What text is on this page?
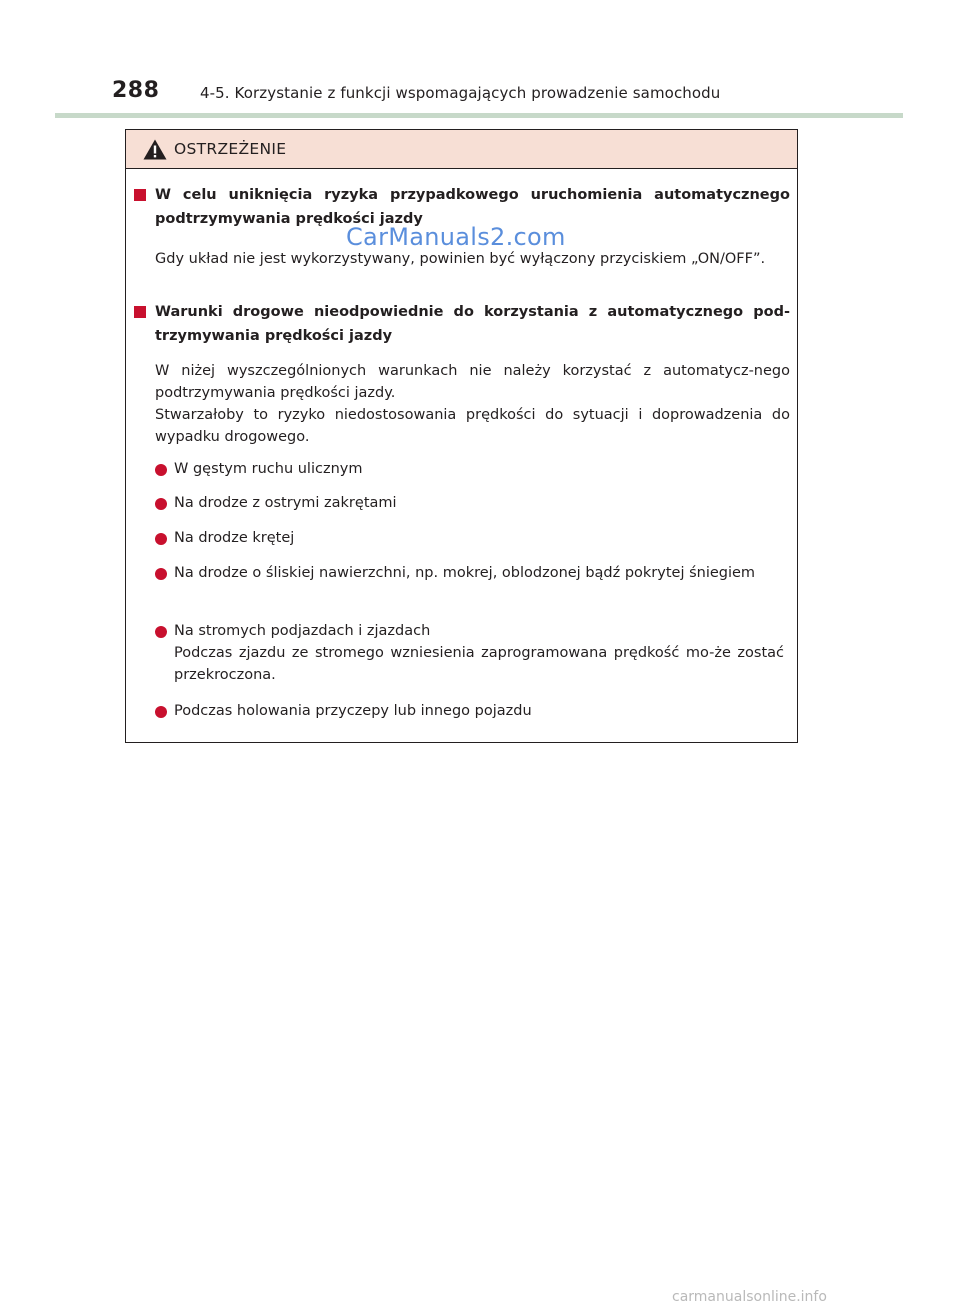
288	4-5. Korzystanie z funkcji wspomagających prowadzenie samochodu
OSTRZEŻENIE
W celu uniknięcia ryzyka przypadkowego uruchomienia automatycznego podtrzymywania prędkości jazdy
Gdy układ nie jest wykorzystywany, powinien być wyłączony przyciskiem „ON/OFF”.
Warunki drogowe nieodpowiednie do korzystania z automatycznego pod-trzymywania prędkości jazdy
W niżej wyszczególnionych warunkach nie należy korzystać z automatycz-nego podtrzymywania prędkości jazdy.
Stwarzałoby to ryzyko niedostosowania prędkości do sytuacji i doprowadzenia do wypadku drogowego.
W gęstym ruchu ulicznym
Na drodze z ostrymi zakrętami
Na drodze krętej
Na drodze o śliskiej nawierzchni, np. mokrej, oblodzonej bądź pokrytej śniegiem
Na stromych podjazdach i zjazdach
Podczas zjazdu ze stromego wzniesienia zaprogramowana prędkość mo-że zostać przekroczona.
Podczas holowania przyczepy lub innego pojazdu
CarManuals2.com
carmanualsonline.info
